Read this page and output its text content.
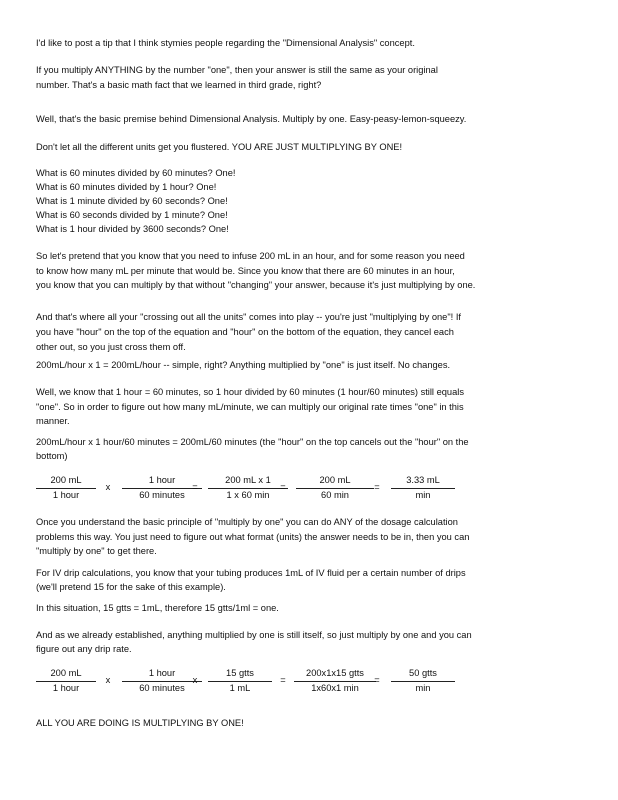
I'd like to post a tip that I think stymies people regarding the "Dimensional Analysis" concept.

If you multiply ANYTHING by the number "one", then your answer is still the same as your original

number. That's a basic math fact that we learned in third grade, right?

Well, that's the basic premise behind Dimensional Analysis. Multiply by one. Easy-peasy-lemon-squeezy.

Don't let all the different units get you flustered. YOU ARE JUST MULTIPLYING BY ONE!

What is 60 minutes divided by 60 minutes? One!

What is 60 minutes divided by 1 hour? One!

What is 1 minute divided by 60 seconds? One!

What is 60 seconds divided by 1 minute? One!

What is 1 hour divided by 3600 seconds? One!

So let's pretend that you know that you need to infuse 200 mL in an hour, and for some reason you need

to know how many mL per minute that would be. Since you know that there are 60 minutes in an hour,

you know that you can multiply by that without "changing" your answer, because it's just multiplying by one.

And that's where all your "crossing out all the units" comes into play -- you're just "multiplying by one"! If

you have "hour" on the top of the equation and "hour" on the bottom of the equation, they cancel each

other out, so you just cross them off.

200mL/hour x 1 = 200mL/hour -- simple, right? Anything multiplied by "one" is just itself. No changes.

Well, we know that 1 hour = 60 minutes, so 1 hour divided by 60 minutes (1 hour/60 minutes) still equals

"one". So in order to figure out how many mL/minute, we can multiply our original rate times "one" in this

manner.

200mL/hour x 1 hour/60 minutes = 200mL/60 minutes (the "hour" on the top cancels out the "hour" on the

bottom)

200 mL
1 hour
x
1 hour
60 minutes
=
200 mL x 1
1 x 60 min
=
200 mL
60 min
=
3.33 mL
min

Once you understand the basic principle of "multiply by one" you can do ANY of the dosage calculation

problems this way. You just need to figure out what format (units) the answer needs to be in, then you can

"multiply by one" to get there.

For IV drip calculations, you know that your tubing produces 1mL of IV fluid per a certain number of drips

(we'll pretend 15 for the sake of this example).

In this situation, 15 gtts = 1mL, therefore 15 gtts/1ml = one.

And as we already established, anything multiplied by one is still itself, so just multiply by one and you can

figure out any drip rate.

200 mL
1 hour
x
1 hour
60 minutes
x
15 gtts
1 mL
=
200x1x15 gtts
1x60x1 min
=
50 gtts
min

ALL YOU ARE DOING IS MULTIPLYING BY ONE!
